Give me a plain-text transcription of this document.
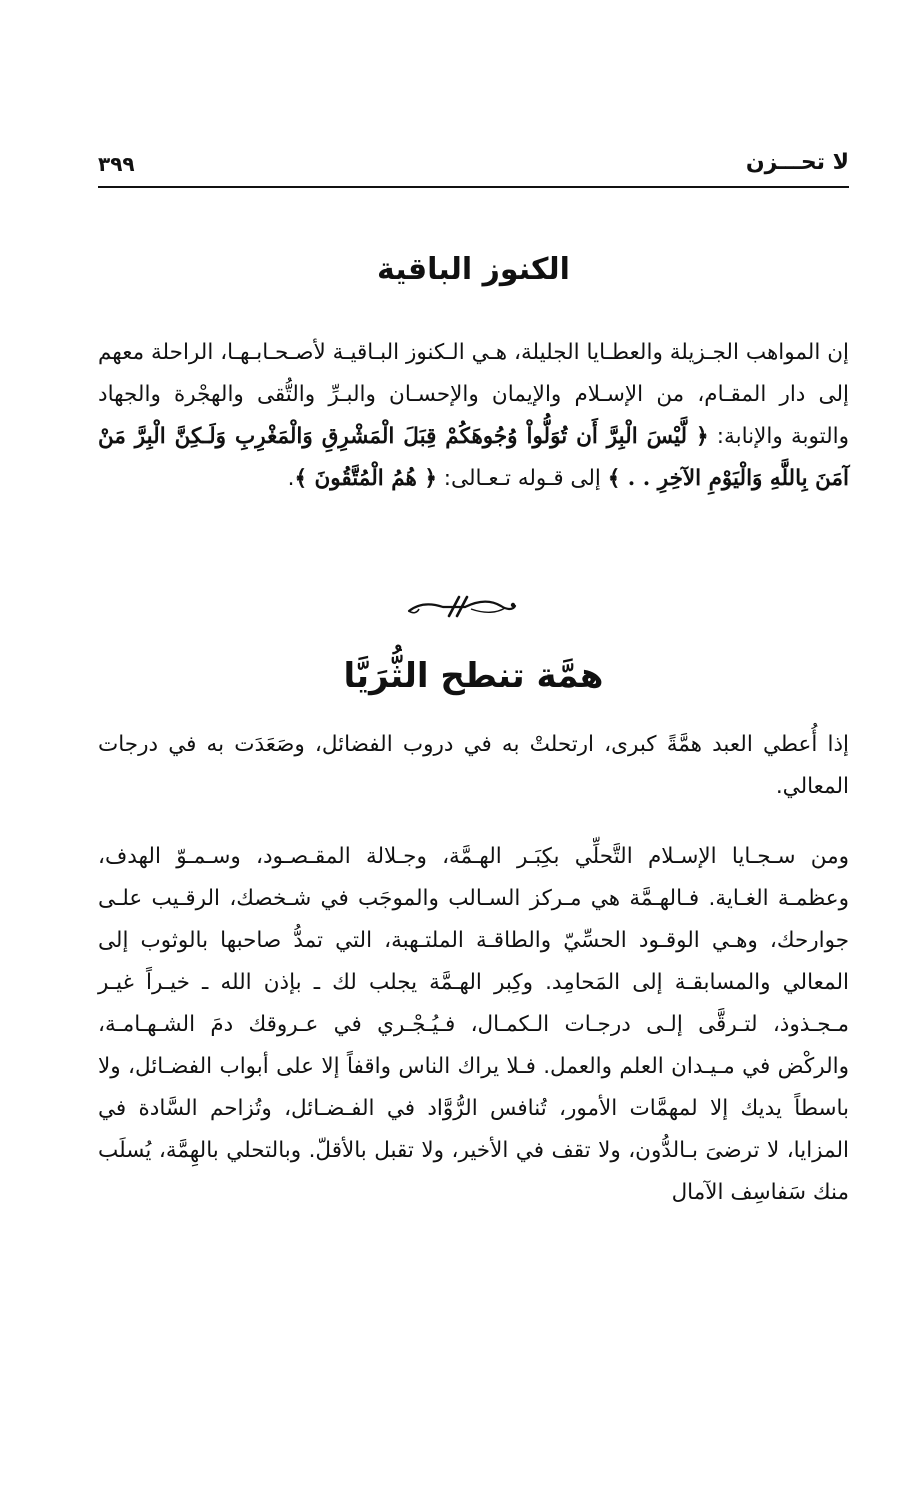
لا تحـــزن
٣٩٩
الكنوز الباقية

إن المواهب الجـزيلة والعطـايا الجليلة، هـي الـكنوز البـاقيـة لأصـحـابـهـا، الراحلة معهم إلى دار المقـام، من الإسـلام والإيمان والإحسـان والبـرِّ والتُّقى والهجْرة والجهاد والتوبة والإنابة: ﴿ لَّيْسَ الْبِرَّ أَن تُوَلُّواْ وُجُوهَكُمْ قِبَلَ الْمَشْرِقِ وَالْمَغْرِبِ وَلَـكِنَّ الْبِرَّ مَنْ آمَنَ بِاللَّهِ وَالْيَوْمِ الآخِرِ . . ﴾ إلى قـوله تـعـالى: ﴿ هُمُ الْمُتَّقُونَ ﴾.

همَّة تنطح الثُّرَيَّا

إذا أُعطي العبد همَّةً كبرى، ارتحلتْ به في دروب الفضائل، وصَعَدَت به في درجات المعالي.

ومن سـجـايا الإسـلام التَّحلِّي بكِبَـر الهـمَّة، وجـلالة المقـصـود، وسـمـوّ الهدف، وعظمـة الغـاية. فـالهـمَّة هي مـركز السـالب والموجَب في شـخصك، الرقـيب علـى جوارحك، وهـي الوقـود الحسِّيّ والطاقـة الملتـهبة، التي تمدُّ صاحبها بالوثوب إلى المعالي والمسابقـة إلى المَحامِد. وكِبر الهـمَّة يجلب لك ـ بإذن الله ـ خيـراً غيـر مـجـذوذ، لتـرقَّى إلـى درجـات الـكمـال، فـيُـجْـري في عـروقك دمَ الشـهـامـة، والركْض في مـيـدان العلم والعمل. فـلا يراك الناس واقفاً إلا على أبواب الفضـائل، ولا باسطاً يديك إلا لمهمَّات الأمور، تُنافس الرُّوَّاد في الفـضـائل، وتُزاحم السَّادة في المزايا، لا ترضىَ بـالدُّون، ولا تقف في الأخير، ولا تقبل بالأقلّ. وبالتحلي بالهِمَّة، يُسلَب منك سَفاسِف الآمال
